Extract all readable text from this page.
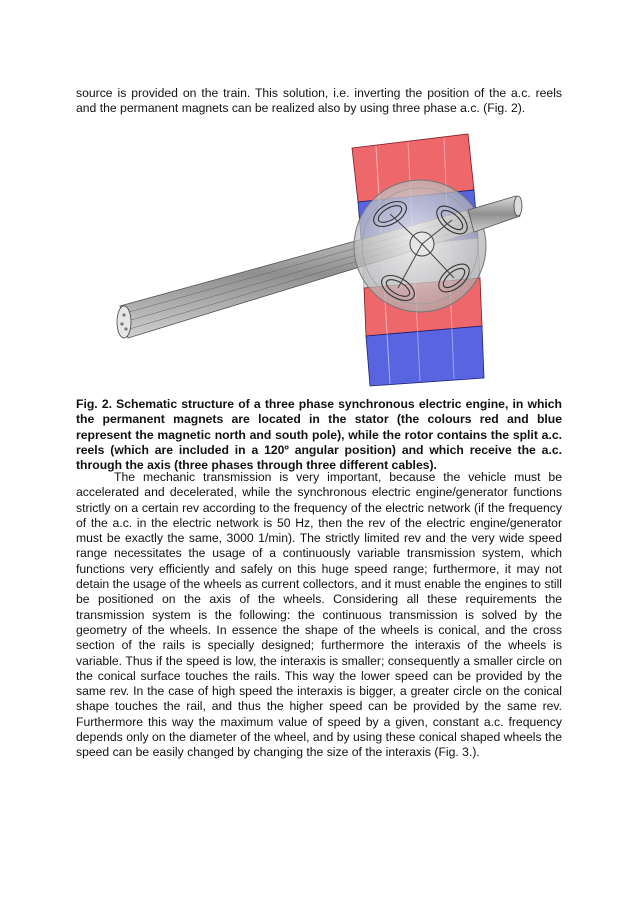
source is provided on the train. This solution, i.e. inverting the position of the a.c. reels and the permanent magnets can be realized also by using three phase a.c. (Fig. 2).

Fig. 2. Schematic structure of a three phase synchronous electric engine, in which the permanent magnets are located in the stator (the colours red and blue represent the magnetic north and south pole), while the rotor contains the split a.c. reels (which are included in a 120º angular position) and which receive the a.c. through the axis (three phases through three different cables).

The mechanic transmission is very important, because the vehicle must be accelerated and decelerated, while the synchronous electric engine/generator functions strictly on a certain rev according to the frequency of the electric network (if the frequency of the a.c. in the electric network is 50 Hz, then the rev of the electric engine/generator must be exactly the same, 3000 1/min). The strictly limited rev and the very wide speed range necessitates the usage of a continuously variable transmission system, which functions very efficiently and safely on this huge speed range; furthermore, it may not detain the usage of the wheels as current collectors, and it must enable the engines to still be positioned on the axis of the wheels. Considering all these requirements the transmission system is the following: the continuous transmission is solved by the geometry of the wheels. In essence the shape of the wheels is conical, and the cross section of the rails is specially designed; furthermore the interaxis of the wheels is variable. Thus if the speed is low, the interaxis is smaller; consequently a smaller circle on the conical surface touches the rails. This way the lower speed can be provided by the same rev. In the case of high speed the interaxis is bigger, a greater circle on the conical shape touches the rail, and thus the higher speed can be provided by the same rev. Furthermore this way the maximum value of speed by a given, constant a.c. frequency depends only on the diameter of the wheel, and by using these conical shaped wheels the speed can be easily changed by changing the size of the interaxis (Fig. 3.).
